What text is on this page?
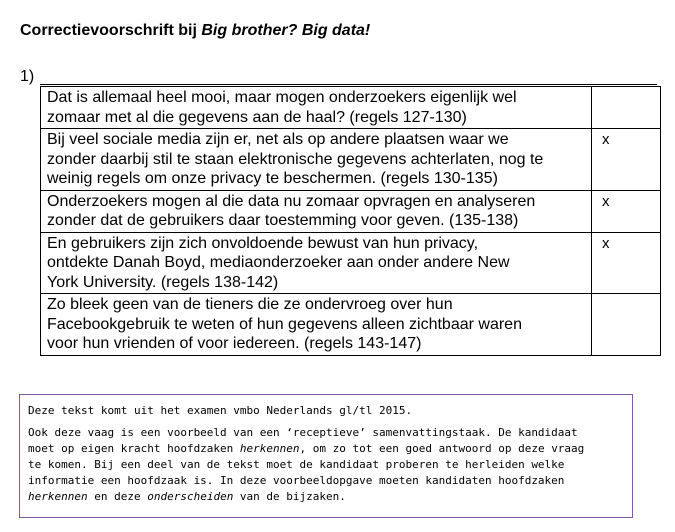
Correctievoorschrift bij Big brother? Big data!
1)
Dat is allemaal heel mooi, maar mogen onderzoekers eigenlijk wel
zomaar met al die gegevens aan de haal? (regels 127-130)	

Bij veel sociale media zijn er, net als op andere plaatsen waar we
zonder daarbij stil te staan elektronische gegevens achterlaten, nog te
weinig regels om onze privacy te beschermen. (regels 130-135)	x

Onderzoekers mogen al die data nu zomaar opvragen en analyseren
zonder dat de gebruikers daar toestemming voor geven. (135-138)	x

En gebruikers zijn zich onvoldoende bewust van hun privacy,
ontdekte Danah Boyd, mediaonderzoeker aan onder andere New
York University. (regels 138-142)	x

Zo bleek geen van de tieners die ze ondervroeg over hun
Facebookgebruik te weten of hun gegevens alleen zichtbaar waren
voor hun vrienden of voor iedereen. (regels 143-147)	

Deze tekst komt uit het examen vmbo Nederlands gl/tl 2015.

Ook deze vaag is een voorbeeld van een ‘receptieve’ samenvattingstaak. De kandidaat
moet op eigen kracht hoofdzaken herkennen, om zo tot een goed antwoord op deze vraag
te komen. Bij een deel van de tekst moet de kandidaat proberen te herleiden welke
informatie een hoofdzaak is. In deze voorbeeldopgave moeten kandidaten hoofdzaken
herkennen en deze onderscheiden van de bijzaken.
